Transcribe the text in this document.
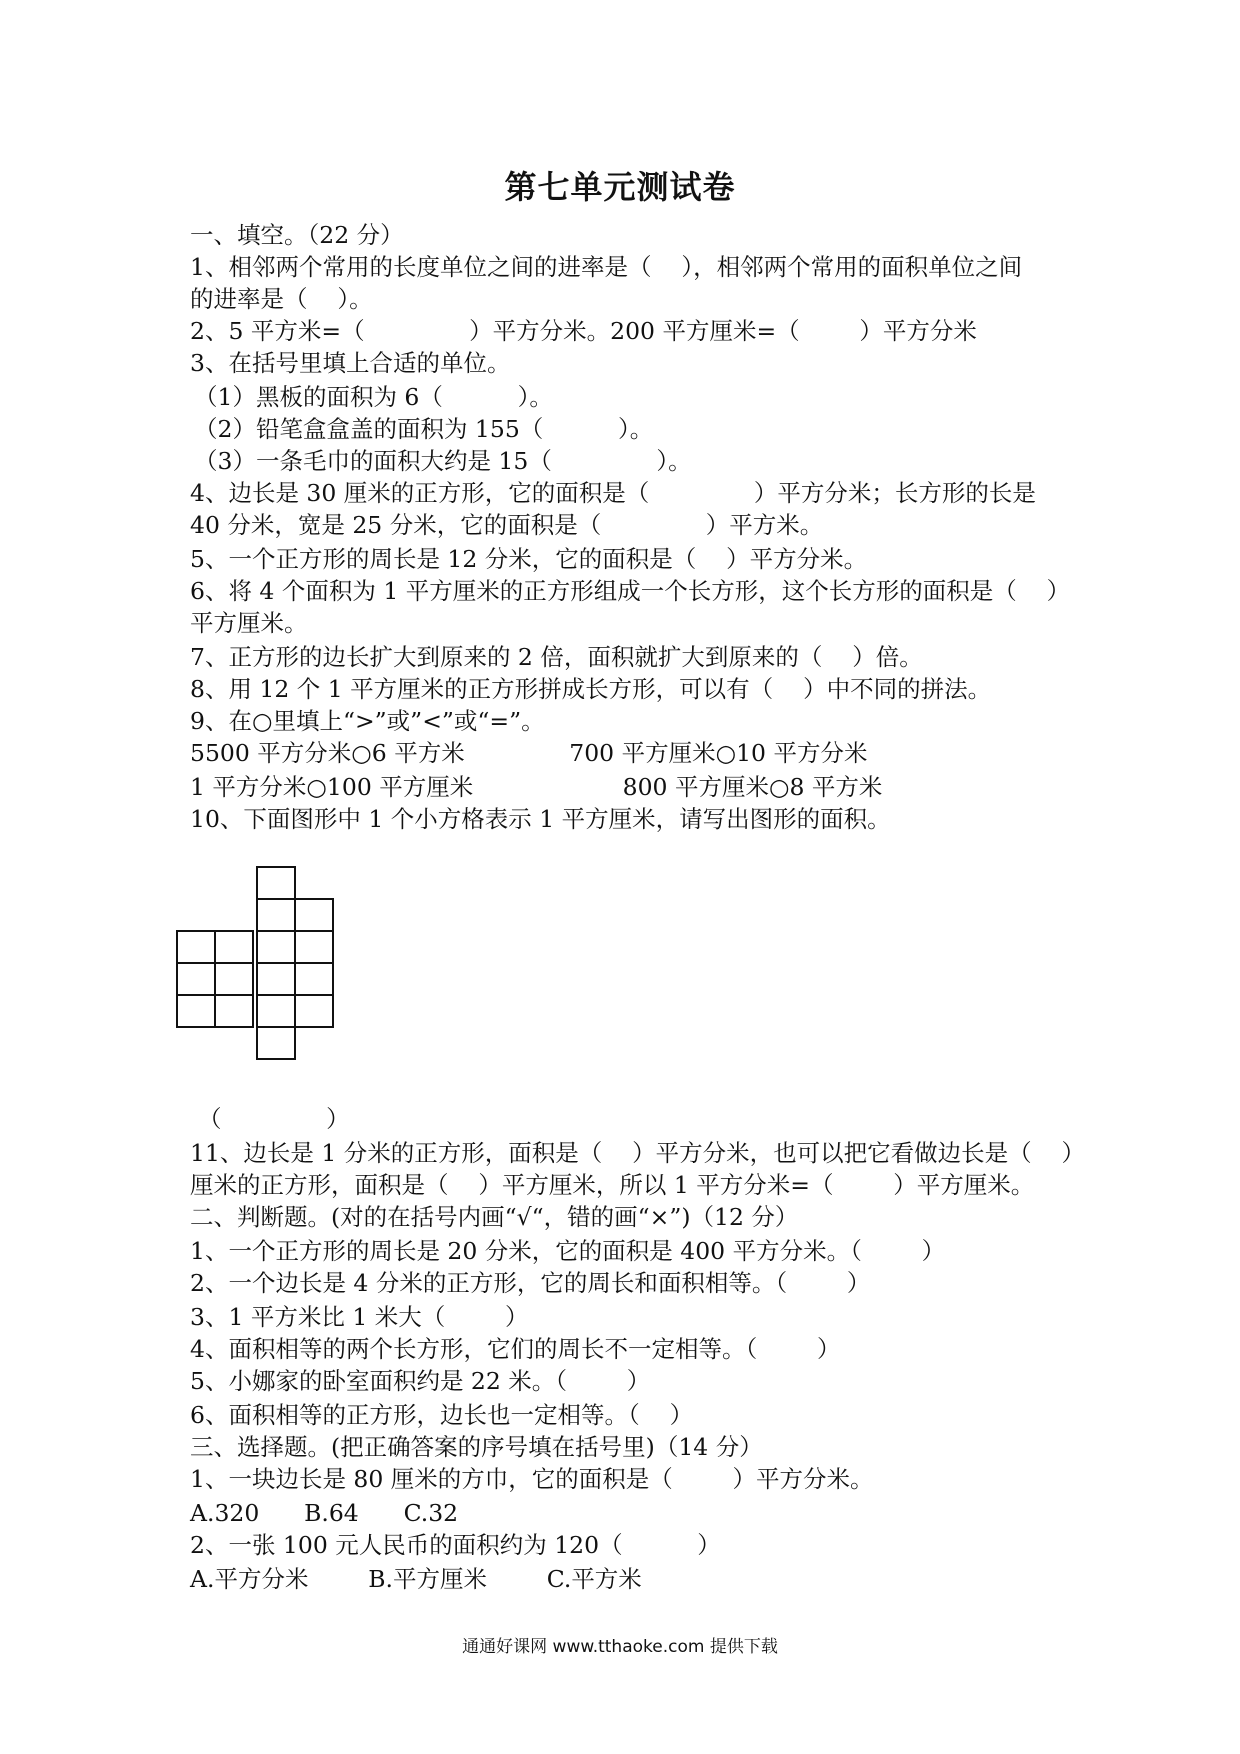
第七单元测试卷
一、填空。（22 分）
1、相邻两个常用的长度单位之间的进率是（    ），相邻两个常用的面积单位之间
的进率是（    ）。
2、5 平方米=（              ）平方分米。200 平方厘米=（        ）平方分米
3、在括号里填上合适的单位。
（1）黑板的面积为 6（          ）。
（2）铅笔盒盒盖的面积为 155（          ）。
（3）一条毛巾的面积大约是 15（              ）。
4、边长是 30 厘米的正方形，它的面积是（              ）平方分米；长方形的长是
40 分米，宽是 25 分米，它的面积是（              ）平方米。
5、一个正方形的周长是 12 分米，它的面积是（    ）平方分米。
6、将 4 个面积为 1 平方厘米的正方形组成一个长方形，这个长方形的面积是（    ）
平方厘米。
7、正方形的边长扩大到原来的 2 倍，面积就扩大到原来的（    ）倍。
8、用 12 个 1 平方厘米的正方形拼成长方形，可以有（    ）中不同的拼法。
9、在○里填上“>”或”<”或“=”。
5500 平方分米○6 平方米              700 平方厘米○10 平方分米
1 平方分米○100 平方厘米                    800 平方厘米○8 平方米
10、下面图形中 1 个小方格表示 1 平方厘米，请写出图形的面积。
（              ）
11、边长是 1 分米的正方形，面积是（    ）平方分米，也可以把它看做边长是（    ）
厘米的正方形，面积是（    ）平方厘米，所以 1 平方分米=（        ）平方厘米。
二、判断题。(对的在括号内画“√“，错的画“×”)（12 分）
1、一个正方形的周长是 20 分米，它的面积是 400 平方分米。（        ）
2、一个边长是 4 分米的正方形，它的周长和面积相等。（        ）
3、1 平方米比 1 米大（        ）
4、面积相等的两个长方形，它们的周长不一定相等。（        ）
5、小娜家的卧室面积约是 22 米。（        ）
6、面积相等的正方形，边长也一定相等。（    ）
三、选择题。(把正确答案的序号填在括号里)（14 分）
1、一块边长是 80 厘米的方巾，它的面积是（        ）平方分米。
A.320      B.64      C.32
2、一张 100 元人民币的面积约为 120（          ）
A.平方分米        B.平方厘米        C.平方米
通通好课网 www.tthaoke.com 提供下载
